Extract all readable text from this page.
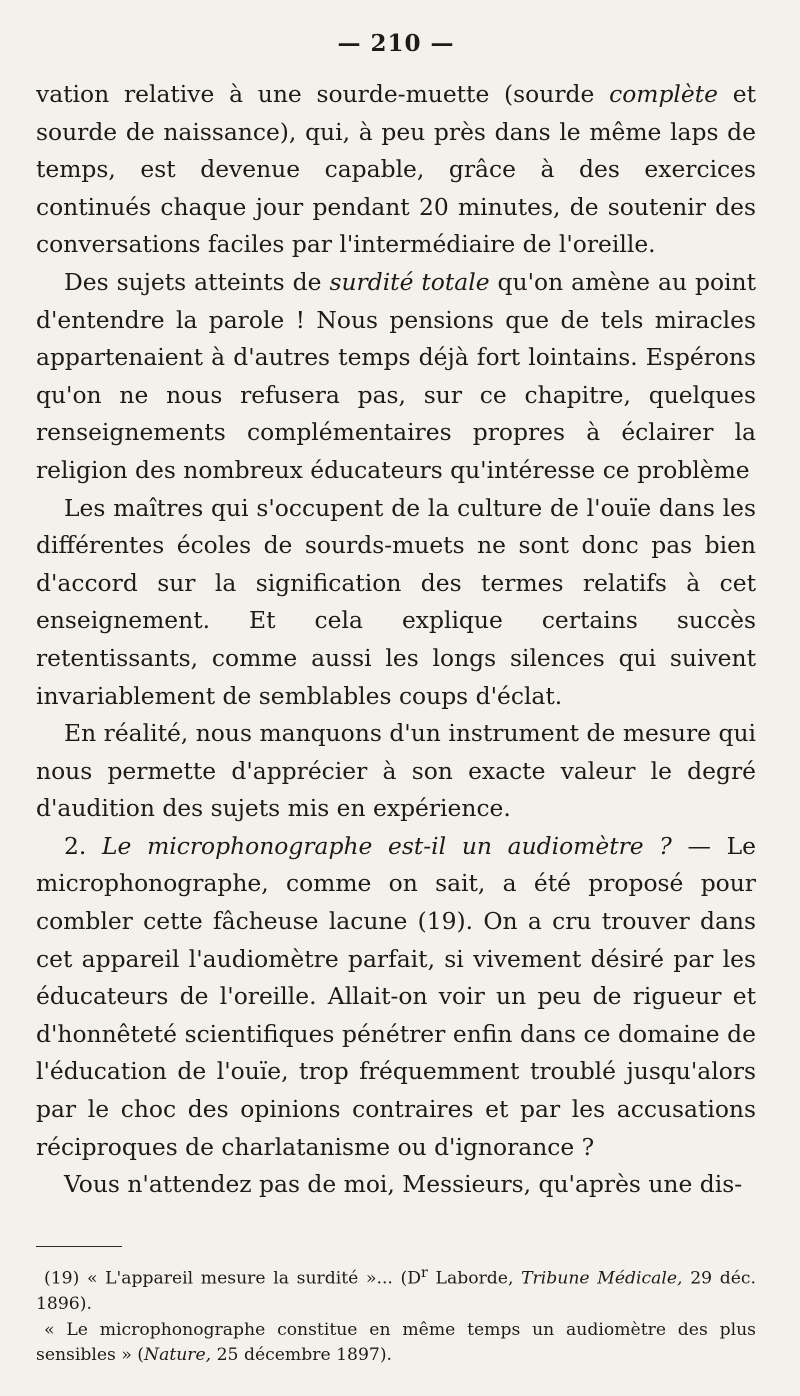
— 210 —

vation relative à une sourde-muette (sourde complète et sourde de naissance), qui, à peu près dans le même laps de temps, est devenue capable, grâce à des exercices continués chaque jour pendant 20 minutes, de soutenir des conversations faciles par l'intermédiaire de l'oreille.

Des sujets atteints de surdité totale qu'on amène au point d'entendre la parole ! Nous pensions que de tels miracles appartenaient à d'autres temps déjà fort lointains. Espérons qu'on ne nous refusera pas, sur ce chapitre, quelques renseignements complémentaires propres à éclairer la religion des nombreux éducateurs qu'intéresse ce problème

Les maîtres qui s'occupent de la culture de l'ouïe dans les différentes écoles de sourds-muets ne sont donc pas bien d'accord sur la signification des termes relatifs à cet enseignement. Et cela explique certains succès retentissants, comme aussi les longs silences qui suivent invariablement de semblables coups d'éclat.

En réalité, nous manquons d'un instrument de mesure qui nous permette d'apprécier à son exacte valeur le degré d'audition des sujets mis en expérience.

2. Le microphonographe est-il un audiomètre ? — Le microphonographe, comme on sait, a été proposé pour combler cette fâcheuse lacune (19). On a cru trouver dans cet appareil l'audiomètre parfait, si vivement désiré par les éducateurs de l'oreille. Allait-on voir un peu de rigueur et d'honnêteté scientifiques pénétrer enfin dans ce domaine de l'éducation de l'ouïe, trop fréquemment troublé jusqu'alors par le choc des opinions contraires et par les accusations réciproques de charlatanisme ou d'ignorance ?

Vous n'attendez pas de moi, Messieurs, qu'après une dis-

(19) « L'appareil mesure la surdité »... ($D^r$ Laborde, Tribune Médicale, 29 déc. 1896).

« Le microphonographe constitue en même temps un audiomètre des plus sensibles » (Nature, 25 décembre 1897).
